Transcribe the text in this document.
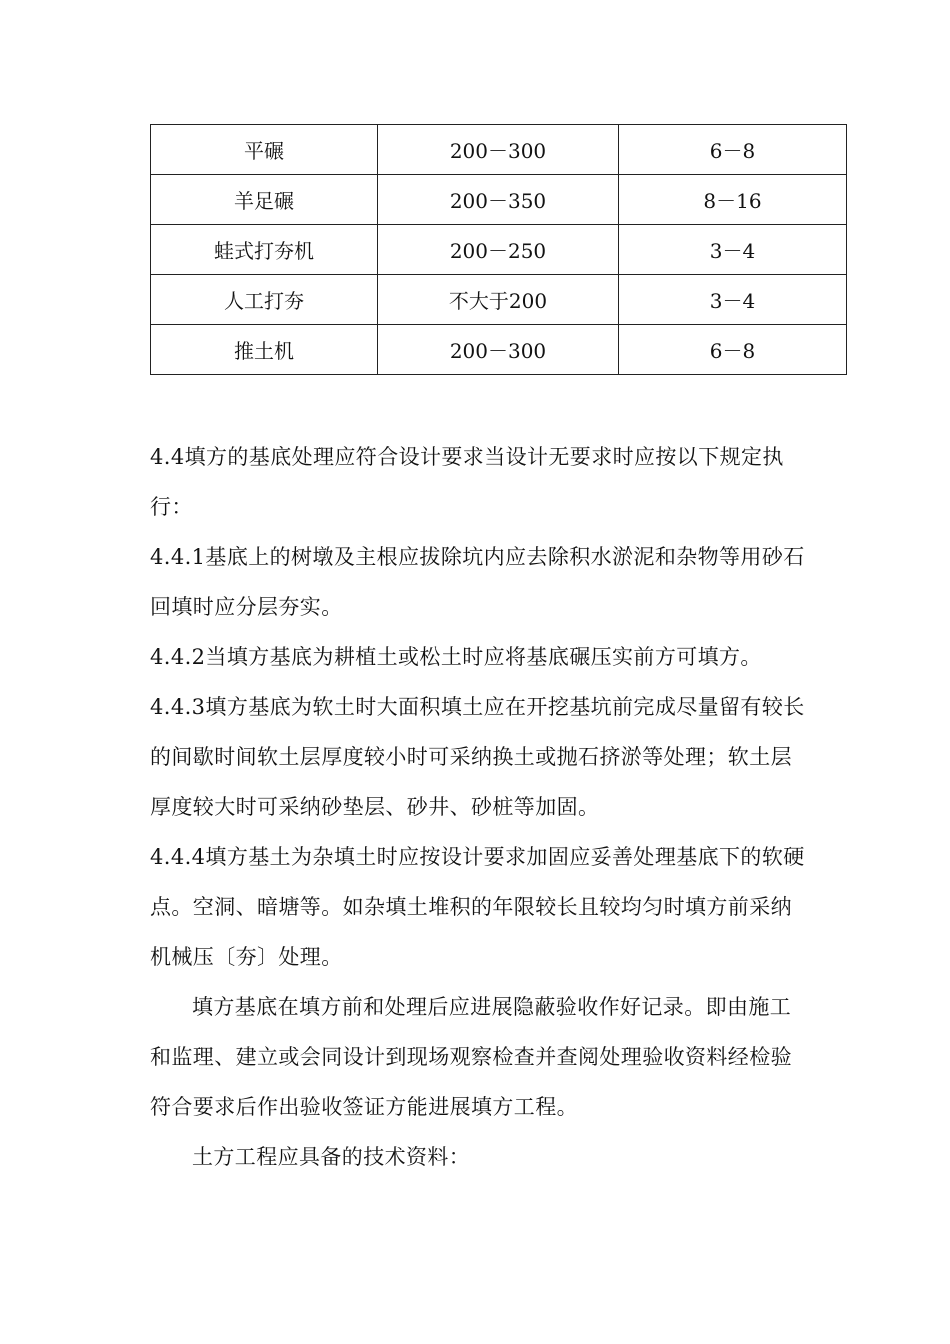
平碾	200－300	6－8
羊足碾	200－350	8－16
蛙式打夯机	200－250	3－4
人工打夯	不大于200	3－4
推土机	200－300	6－8

4.4填方的基底处理应符合设计要求当设计无要求时应按以下规定执行：

4.4.1基底上的树墩及主根应拔除坑内应去除积水淤泥和杂物等用砂石回填时应分层夯实。

4.4.2当填方基底为耕植土或松土时应将基底碾压实前方可填方。

4.4.3填方基底为软土时大面积填土应在开挖基坑前完成尽量留有较长的间歇时间软土层厚度较小时可采纳换土或抛石挤淤等处理；软土层厚度较大时可采纳砂垫层、砂井、砂桩等加固。

4.4.4填方基土为杂填土时应按设计要求加固应妥善处理基底下的软硬点。空洞、暗塘等。如杂填土堆积的年限较长且较均匀时填方前采纳机械压〔夯〕处理。

填方基底在填方前和处理后应进展隐蔽验收作好记录。即由施工和监理、建立或会同设计到现场观察检查并查阅处理验收资料经检验符合要求后作出验收签证方能进展填方工程。

土方工程应具备的技术资料：
